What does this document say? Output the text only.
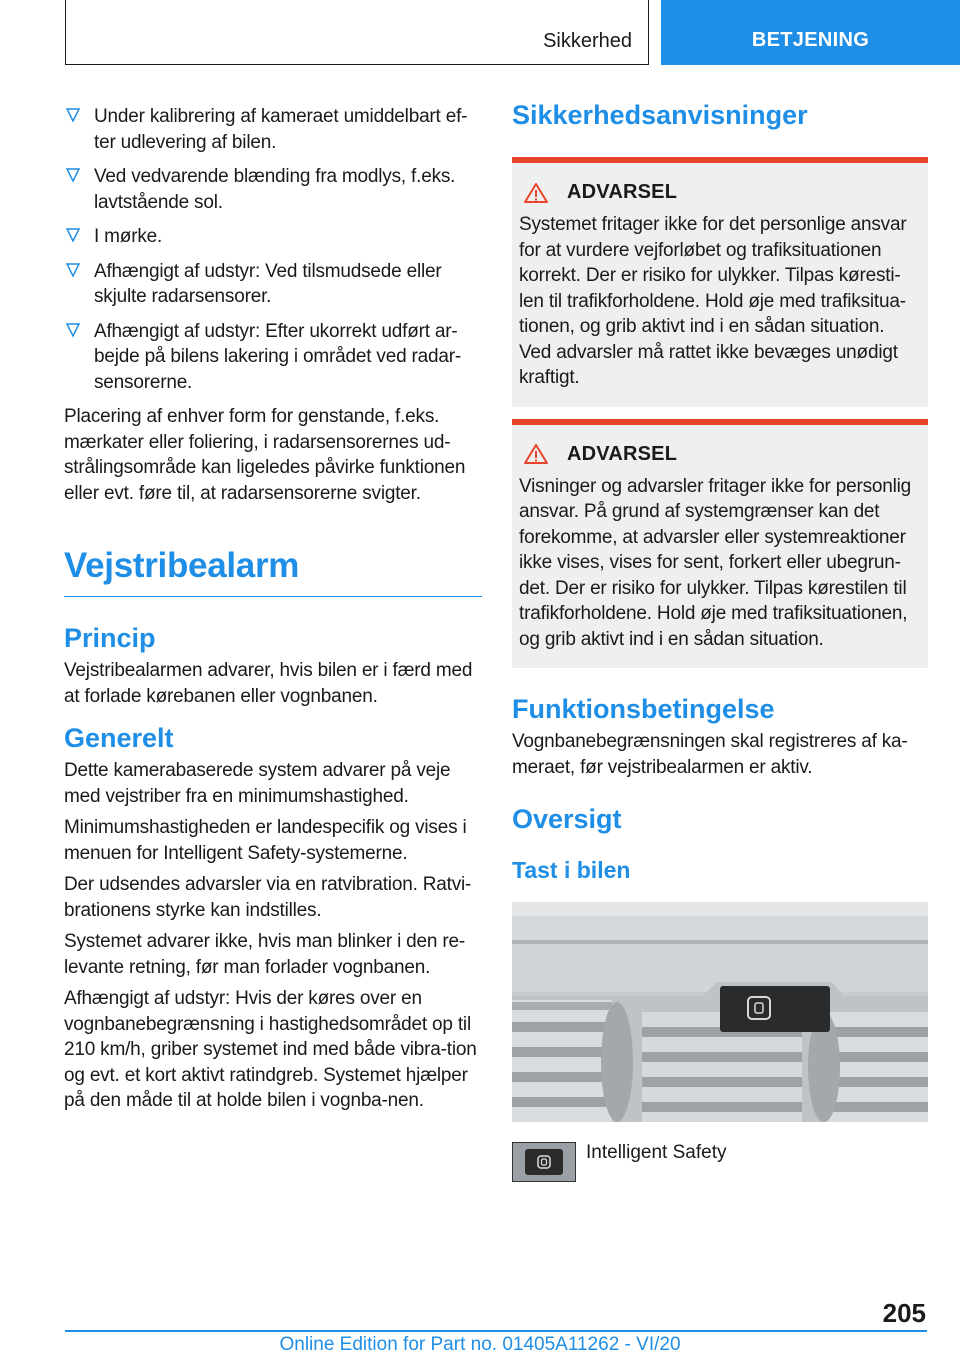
Sikkerhed	BETJENING
Under kalibrering af kameraet umiddelbart ef-ter udlevering af bilen.
Ved vedvarende blænding fra modlys, f.eks. lavtstående sol.
I mørke.
Afhængigt af udstyr: Ved tilsmudsede eller skjulte radarsensorer.
Afhængigt af udstyr: Efter ukorrekt udført ar-bejde på bilens lakering i området ved radar-sensorerne.

Placering af enhver form for genstande, f.eks. mærkater eller foliering, i radarsensorernes ud-strålingsområde kan ligeledes påvirke funktionen eller evt. føre til, at radarsensorerne svigter.

Vejstribealarm
Princip

Vejstribealarmen advarer, hvis bilen er i færd med at forlade kørebanen eller vognbanen.

Generelt

Dette kamerabaserede system advarer på veje med vejstriber fra en minimumshastighed.

Minimumshastigheden er landespecifik og vises i menuen for Intelligent Safety-systemerne.

Der udsendes advarsler via en ratvibration. Ratvi-brationens styrke kan indstilles.

Systemet advarer ikke, hvis man blinker i den re-levante retning, før man forlader vognbanen.

Afhængigt af udstyr: Hvis der køres over en vognbanebegrænsning i hastighedsområdet op til 210 km/h, griber systemet ind med både vibra-tion og evt. et kort aktivt ratindgreb. Systemet hjælper på den måde til at holde bilen i vognba-nen.

Sikkerhedsanvisninger
ADVARSEL

Systemet fritager ikke for det personlige ansvar for at vurdere vejforløbet og trafiksituationen korrekt. Der er risiko for ulykker. Tilpas køresti-len til trafikforholdene. Hold øje med trafiksitua-tionen, og grib aktivt ind i en sådan situation. Ved advarsler må rattet ikke bevæges unødigt kraftigt.

ADVARSEL

Visninger og advarsler fritager ikke for personlig ansvar. På grund af systemgrænser kan det forekomme, at advarsler eller systemreaktioner ikke vises, vises for sent, forkert eller ubegrun-det. Der er risiko for ulykker. Tilpas kørestilen til trafikforholdene. Hold øje med trafiksituationen, og grib aktivt ind i en sådan situation.

Funktionsbetingelse

Vognbanebegrænsningen skal registreres af ka-meraet, før vejstribealarmen er aktiv.

Oversigt
Tast i bilen
Intelligent Safety
205
Online Edition for Part no. 01405A11262 - VI/20
